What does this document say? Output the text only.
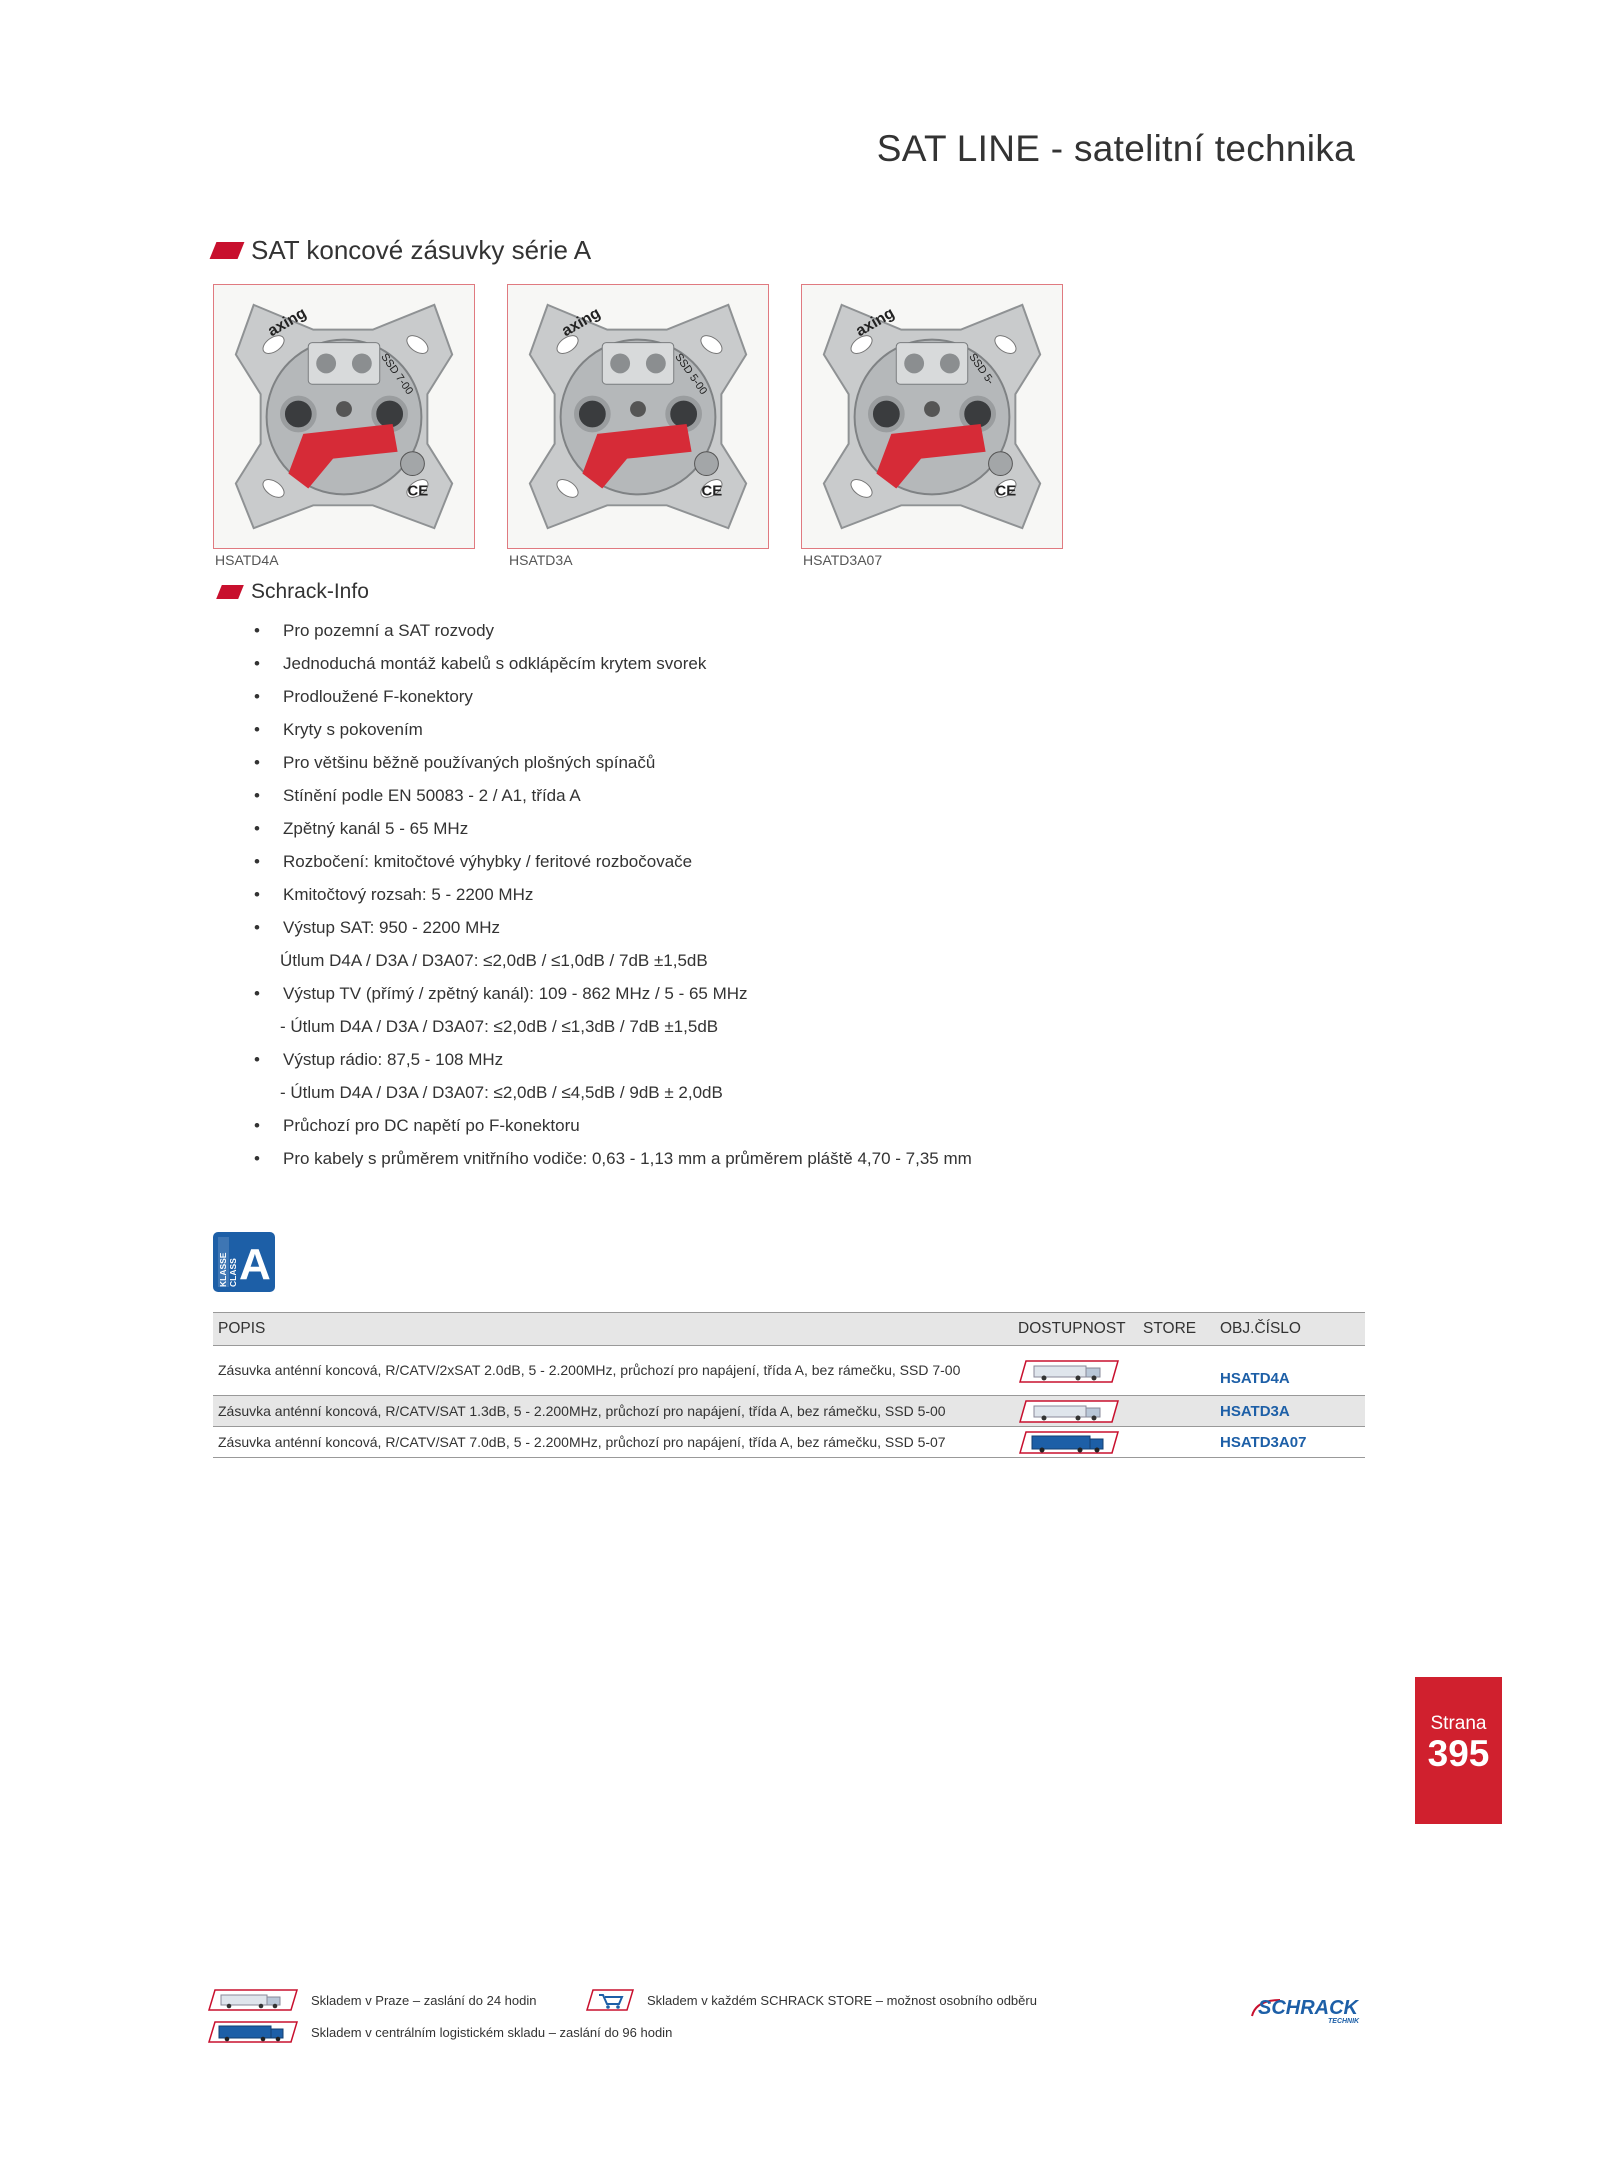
SAT LINE - satelitní technika
SAT koncové zásuvky série A
SSD 7-00	SSD 5-00	SSD 5-
HSATD4A	HSATD3A	HSATD3A07
Schrack-Info
• Pro pozemní a SAT rozvody
• Jednoduchá montáž kabelů s odklápěcím krytem svorek
• Prodloužené F-konektory
• Kryty s pokovením
• Pro většinu běžně používaných plošných spínačů
• Stínění podle EN 50083 - 2 / A1, třída A
• Zpětný kanál 5 - 65 MHz
• Rozbočení: kmitočtové výhybky / feritové rozbočovače
• Kmitočtový rozsah: 5 - 2200 MHz
• Výstup SAT: 950 - 2200 MHz
Útlum D4A / D3A / D3A07: ≤2,0dB / ≤1,0dB / 7dB ±1,5dB
• Výstup TV (přímý / zpětný kanál): 109 - 862 MHz / 5 - 65 MHz
- Útlum D4A / D3A / D3A07: ≤2,0dB / ≤1,3dB / 7dB ±1,5dB
• Výstup rádio: 87,5 - 108 MHz
- Útlum D4A / D3A / D3A07: ≤2,0dB / ≤4,5dB / 9dB ± 2,0dB
• Průchozí pro DC napětí po F-konektoru
• Pro kabely s průměrem vnitřního vodiče: 0,63 - 1,13 mm a průměrem pláště 4,70 - 7,35 mm
KLASSE CLASS A
POPIS	DOSTUPNOST	STORE	OBJ.ČÍSLO
Zásuvka anténní koncová, R/CATV/2xSAT 2.0dB, 5 - 2.200MHz, průchozí pro napájení, třída A, bez rámečku, SSD 7-00			HSATD4A
Zásuvka anténní koncová, R/CATV/SAT 1.3dB, 5 - 2.200MHz, průchozí pro napájení, třída A, bez rámečku, SSD 5-00			HSATD3A
Zásuvka anténní koncová, R/CATV/SAT 7.0dB, 5 - 2.200MHz, průchozí pro napájení, třída A, bez rámečku, SSD 5-07			HSATD3A07
Strana
395
Skladem v Praze – zaslání do 24 hodin	Skladem v každém SCHRACK STORE – možnost osobního odběru
Skladem v centrálním logistickém skladu – zaslání do 96 hodin
SCHRACK
TECHNIK
